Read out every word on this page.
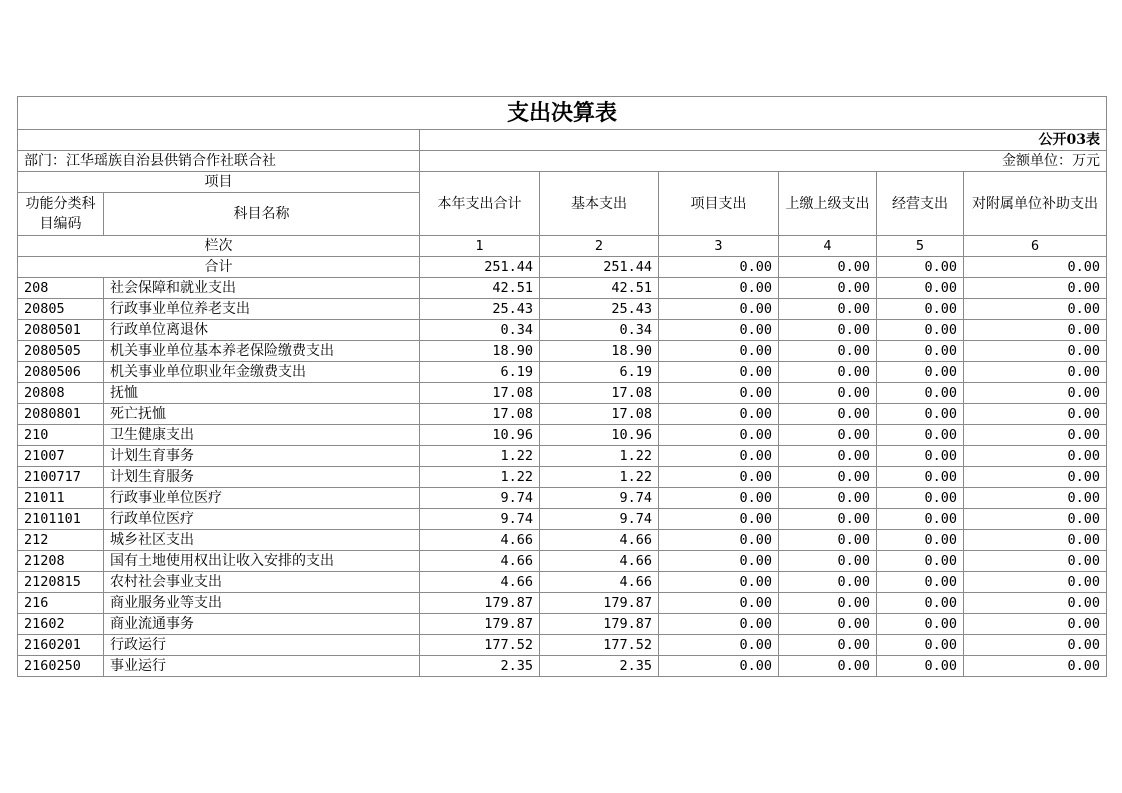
支出决算表							
		公开03表					
部门：江华瑶族自治县供销合作社联合社		金额单位：万元					
项目		本年支出合计	基本支出	项目支出	上缴上级支出	经营支出	对附属单位补助支出
功能分类科目编码	科目名称						
栏次		1	2	3	4	5	6
合计		251.44	251.44	0.00	0.00	0.00	0.00
208	社会保障和就业支出	42.51	42.51	0.00	0.00	0.00	0.00
20805	行政事业单位养老支出	25.43	25.43	0.00	0.00	0.00	0.00
2080501	行政单位离退休	0.34	0.34	0.00	0.00	0.00	0.00
2080505	机关事业单位基本养老保险缴费支出	18.90	18.90	0.00	0.00	0.00	0.00
2080506	机关事业单位职业年金缴费支出	6.19	6.19	0.00	0.00	0.00	0.00
20808	抚恤	17.08	17.08	0.00	0.00	0.00	0.00
2080801	死亡抚恤	17.08	17.08	0.00	0.00	0.00	0.00
210	卫生健康支出	10.96	10.96	0.00	0.00	0.00	0.00
21007	计划生育事务	1.22	1.22	0.00	0.00	0.00	0.00
2100717	计划生育服务	1.22	1.22	0.00	0.00	0.00	0.00
21011	行政事业单位医疗	9.74	9.74	0.00	0.00	0.00	0.00
2101101	行政单位医疗	9.74	9.74	0.00	0.00	0.00	0.00
212	城乡社区支出	4.66	4.66	0.00	0.00	0.00	0.00
21208	国有土地使用权出让收入安排的支出	4.66	4.66	0.00	0.00	0.00	0.00
2120815	农村社会事业支出	4.66	4.66	0.00	0.00	0.00	0.00
216	商业服务业等支出	179.87	179.87	0.00	0.00	0.00	0.00
21602	商业流通事务	179.87	179.87	0.00	0.00	0.00	0.00
2160201	行政运行	177.52	177.52	0.00	0.00	0.00	0.00
2160250	事业运行	2.35	2.35	0.00	0.00	0.00	0.00
